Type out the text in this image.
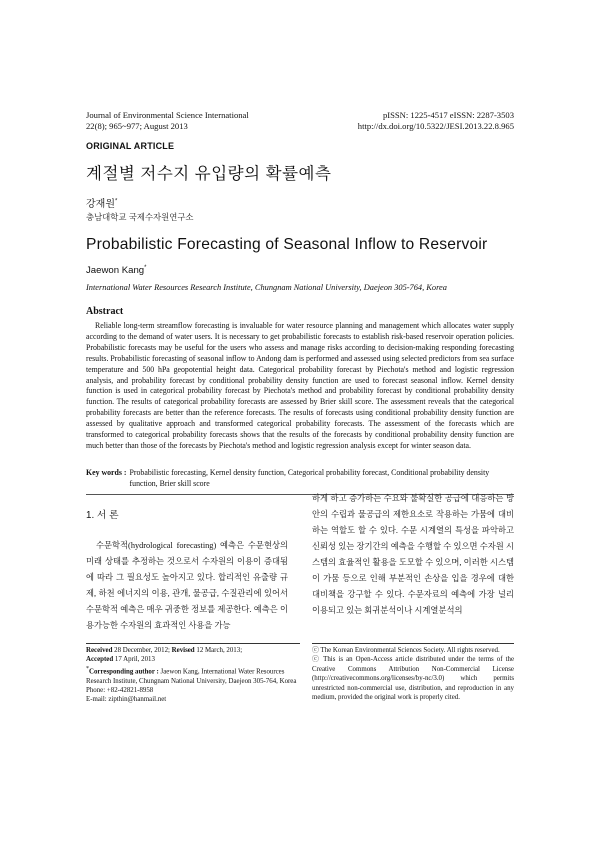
Journal of Environmental Science International
22(8); 965~977; August 2013
pISSN: 1225-4517 eISSN: 2287-3503
http://dx.doi.org/10.5322/JESI.2013.22.8.965
ORIGINAL ARTICLE
계절별 저수지 유입량의 확률예측
강재원*
충남대학교 국제수자원연구소
Probabilistic Forecasting of Seasonal Inflow to Reservoir
Jaewon Kang*
International Water Resources Research Institute, Chungnam National University, Daejeon 305-764, Korea
Abstract
Reliable long-term streamflow forecasting is invaluable for water resource planning and management which allocates water supply according to the demand of water users. It is necessary to get probabilistic forecasts to establish risk-based reservoir operation policies. Probabilistic forecasts may be useful for the users who assess and manage risks according to decision-making responding forecasting results. Probabilistic forecasting of seasonal inflow to Andong dam is performed and assessed using selected predictors from sea surface temperature and 500 hPa geopotential height data. Categorical probability forecast by Piechota's method and logistic regression analysis, and probability forecast by conditional probability density function are used to forecast seasonal inflow. Kernel density function is used in categorical probability forecast by Piechota's method and probability forecast by conditional probability density function. The results of categorical probability forecasts are assessed by Brier skill score. The assessment reveals that the categorical probability forecasts are better than the reference forecasts. The results of forecasts using conditional probability density function are assessed by qualitative approach and transformed categorical probability forecasts. The assessment of the forecasts which are transformed to categorical probability forecasts shows that the results of the forecasts by conditional probability density function are much better than those of the forecasts by Piechota's method and logistic regression analysis except for winter season data.
Key words : Probabilistic forecasting, Kernel density function, Categorical probability forecast, Conditional probability density function, Brier skill score
1. 서 론
수문학적(hydrological forecasting) 예측은 수문현상의 미래 상태를 추정하는 것으로서 수자원의 이용이 증대됨에 따라 그 필요성도 높아지고 있다. 합리적인 유출량 규제, 하천 에너지의 이용, 관개, 물공급, 수질관리에 있어서 수문학적 예측은 매우 귀중한 정보를 제공한다. 예측은 이용가능한 수자원의 효과적인 사용을 가능
하게 하고 증가하는 수요와 불확실한 공급에 대응하는 방안의 수립과 물공급의 제한요소로 작용하는 가뭄에 대비하는 역할도 할 수 있다. 수문 시계열의 특성을 파악하고 신뢰성 있는 장기간의 예측을 수행할 수 있으면 수자원 시스템의 효율적인 활용을 도모할 수 있으며, 이러한 시스템이 가뭄 등으로 인해 부분적인 손상을 입을 경우에 대한 대비책을 강구할 수 있다. 수문자료의 예측에 가장 널리 이용되고 있는 회귀분석이나 시계열분석의
Received 28 December, 2012; Revised 12 March, 2013;
Accepted 17 April, 2013
*Corresponding author : Jaewon Kang, International Water Resources Research Institute, Chungnam National University, Daejeon 305-764, Korea
Phone: +82-42821-8958
E-mail: zipthin@hanmail.net
ⓒ The Korean Environmental Sciences Society. All rights reserved.
ⓒ This is an Open-Access article distributed under the terms of the Creative Commons Attribution Non-Commercial License (http://creativecommons.org/licenses/by-nc/3.0) which permits unrestricted non-commercial use, distribution, and reproduction in any medium, provided the original work is properly cited.
